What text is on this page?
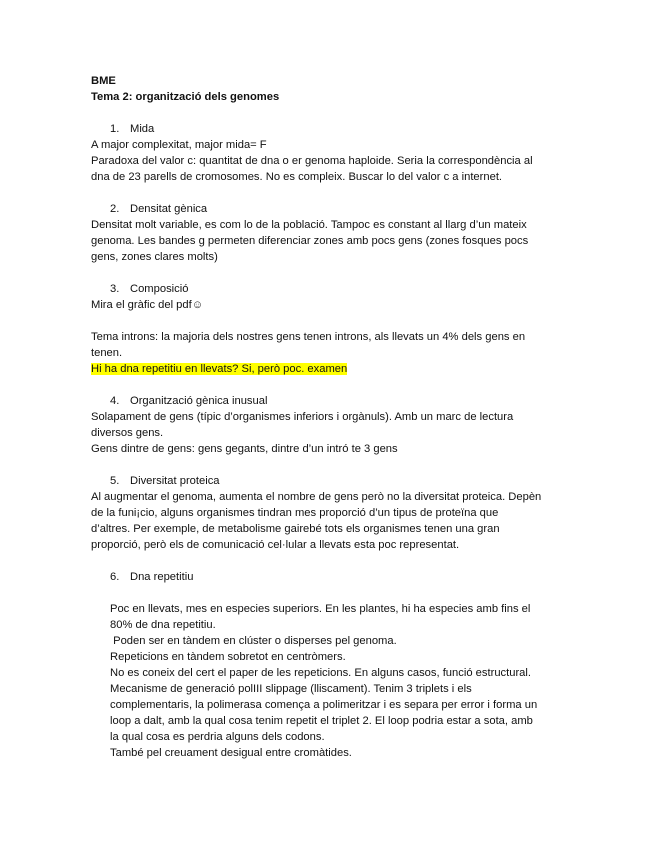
BME
Tema 2: organització dels genomes
1. Mida
A major complexitat, major mida= F
Paradoxa del valor c: quantitat de dna o er genoma haploide. Seria la correspondència al
dna de 23 parells de cromosomes. No es compleix. Buscar lo del valor c a internet.
2. Densitat gènica
Densitat molt variable, es com lo de la població. Tampoc es constant al llarg d’un mateix
genoma. Les bandes g permeten diferenciar zones amb pocs gens (zones fosques pocs
gens, zones clares molts)
3. Composició
Mira el gràfic del pdf☺
Tema introns: la majoria dels nostres gens tenen introns, als llevats un 4% dels gens en
tenen.
Hi ha dna repetitiu en llevats? Si, però poc. examen
4. Organització gènica inusual
Solapament de gens (típic d’organismes inferiors i orgànuls). Amb un marc de lectura
diversos gens.
Gens dintre de gens: gens gegants, dintre d’un intró te 3 gens
5. Diversitat proteica
Al augmentar el genoma, aumenta el nombre de gens però no la diversitat proteica. Depèn
de la funi¡cio, alguns organismes tindran mes proporció d’un tipus de proteïna que
d’altres. Per exemple, de metabolisme gairebé tots els organismes tenen una gran
proporció, però els de comunicació cel·lular a llevats esta poc representat.
6. Dna repetitiu
Poc en llevats, mes en especies superiors. En les plantes, hi ha especies amb fins el
80% de dna repetitiu.
Poden ser en tàndem en clúster o disperses pel genoma.
Repeticions en tàndem sobretot en centròmers.
No es coneix del cert el paper de les repeticions. En alguns casos, funció estructural.
Mecanisme de generació polIII slippage (lliscament). Tenim 3 triplets i els
complementaris, la polimerasa comença a polimeritzar i es separa per error i forma un
loop a dalt, amb la qual cosa tenim repetit el triplet 2. El loop podria estar a sota, amb
la qual cosa es perdria alguns dels codons.
També pel creuament desigual entre cromàtides.
